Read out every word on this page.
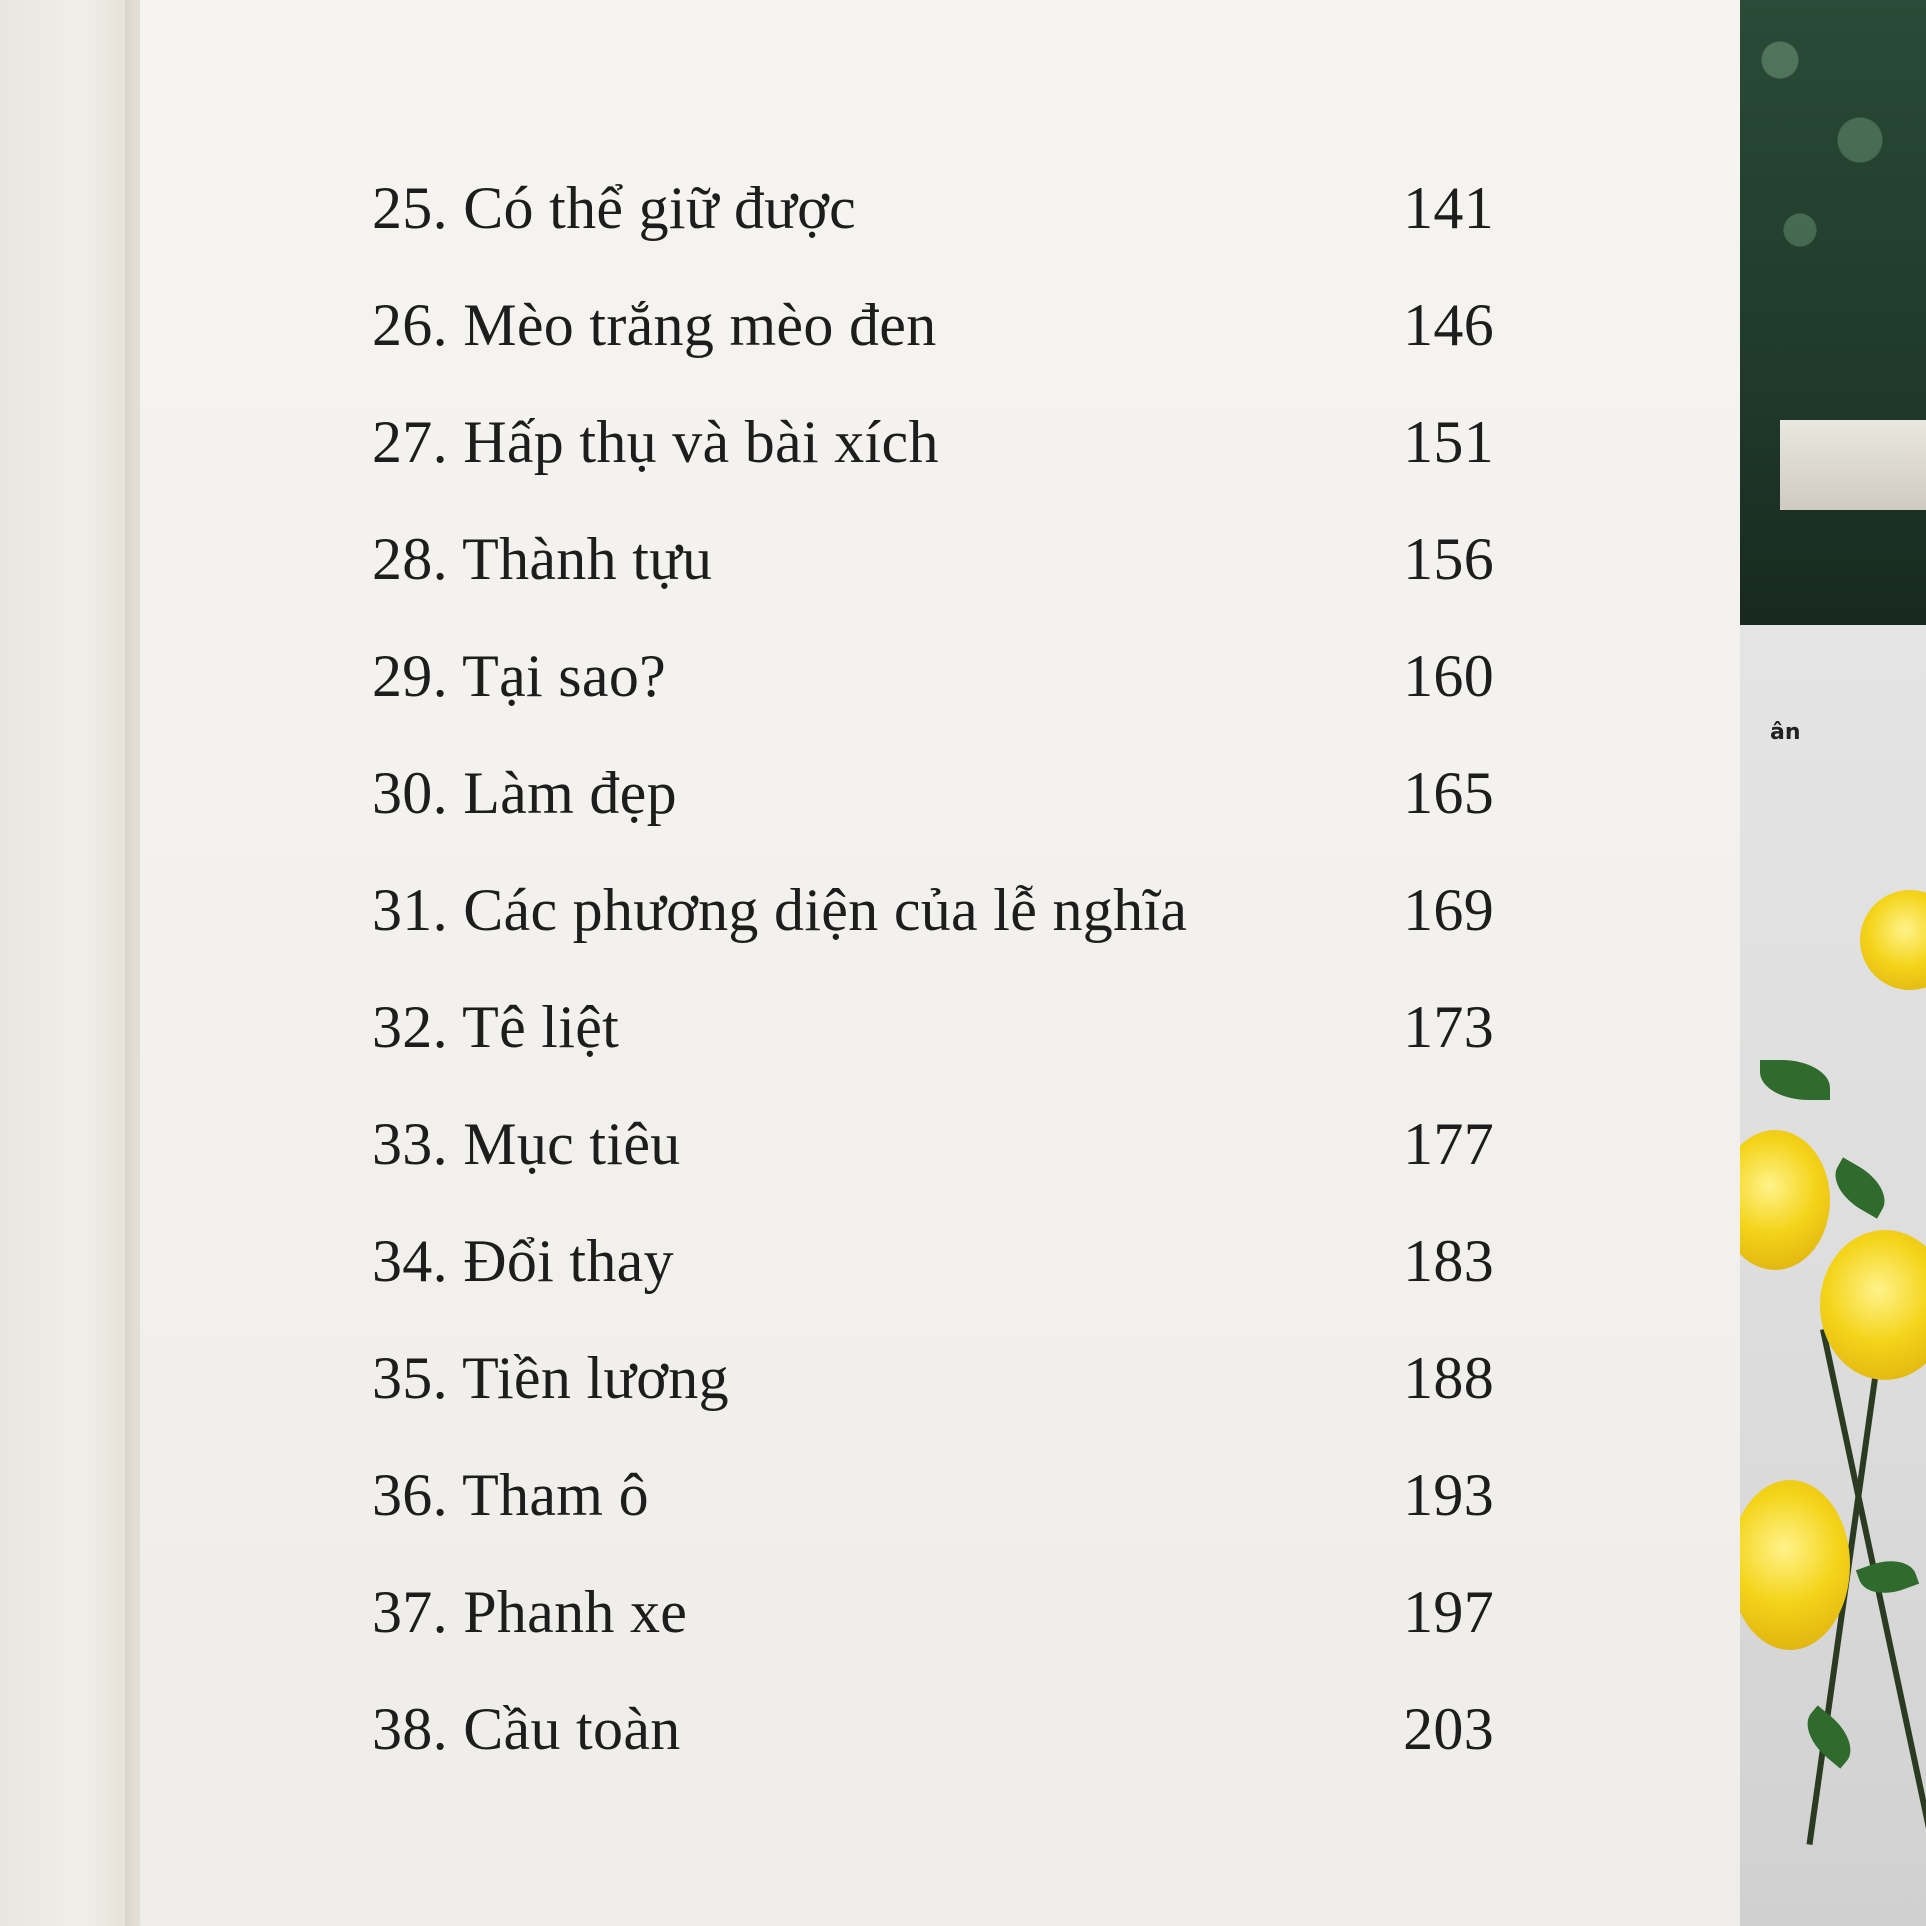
25. Có thể giữ được	141
26. Mèo trắng mèo đen	146
27. Hấp thụ và bài xích	151
28. Thành tựu	156
29. Tại sao?	160
30. Làm đẹp	165
31. Các phương diện của lễ nghĩa	169
32. Tê liệt	173
33. Mục tiêu	177
34. Đổi thay	183
35. Tiền lương	188
36. Tham ô	193
37. Phanh xe	197
38. Cầu toàn	203
ân
